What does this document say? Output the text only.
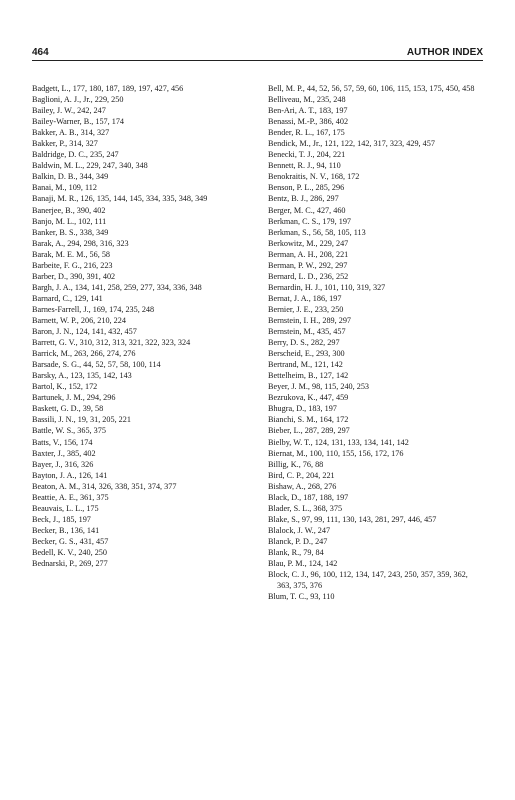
464	AUTHOR INDEX
Badgett, L., 177, 180, 187, 189, 197, 427, 456
Baglioni, A. J., Jr., 229, 250
Bailey, J. W., 242, 247
Bailey-Warner, B., 157, 174
Bakker, A. B., 314, 327
Bakker, P., 314, 327
Baldridge, D. C., 235, 247
Baldwin, M. L., 229, 247, 340, 348
Balkin, D. B., 344, 349
Banai, M., 109, 112
Banaji, M. R., 126, 135, 144, 145, 334, 335, 348, 349
Banerjee, B., 390, 402
Banjo, M. L., 102, 111
Banker, B. S., 338, 349
Barak, A., 294, 298, 316, 323
Barak, M. E. M., 56, 58
Barbeite, F. G., 216, 223
Barber, D., 390, 391, 402
Bargh, J. A., 134, 141, 258, 259, 277, 334, 336, 348
Barnard, C., 129, 141
Barnes-Farrell, J., 169, 174, 235, 248
Barnett, W. P., 206, 210, 224
Baron, J. N., 124, 141, 432, 457
Barrett, G. V., 310, 312, 313, 321, 322, 323, 324
Barrick, M., 263, 266, 274, 276
Barsade, S. G., 44, 52, 57, 58, 100, 114
Barsky, A., 123, 135, 142, 143
Bartol, K., 152, 172
Bartunek, J. M., 294, 296
Baskett, G. D., 39, 58
Bassili, J. N., 19, 31, 205, 221
Battle, W. S., 365, 375
Batts, V., 156, 174
Baxter, J., 385, 402
Bayer, J., 316, 326
Bayton, J. A., 126, 141
Beaton, A. M., 314, 326, 338, 351, 374, 377
Beattie, A. E., 361, 375
Beauvais, L. L., 175
Beck, J., 185, 197
Becker, B., 136, 141
Becker, G. S., 431, 457
Bedell, K. V., 240, 250
Bednarski, P., 269, 277
Bell, M. P., 44, 52, 56, 57, 59, 60, 106, 115, 153, 175, 450, 458
Belliveau, M., 235, 248
Ben-Ari, A. T., 183, 197
Benassi, M.-P., 386, 402
Bender, R. L., 167, 175
Bendick, M., Jr., 121, 122, 142, 317, 323, 429, 457
Benecki, T. J., 204, 221
Bennett, R. J., 94, 110
Benokraitis, N. V., 168, 172
Benson, P. L., 285, 296
Bentz, B. J., 286, 297
Berger, M. C., 427, 460
Berkman, C. S., 179, 197
Berkman, S., 56, 58, 105, 113
Berkowitz, M., 229, 247
Berman, A. H., 208, 221
Berman, P. W., 292, 297
Bernard, L. D., 236, 252
Bernardin, H. J., 101, 110, 319, 327
Bernat, J. A., 186, 197
Bernier, J. E., 233, 250
Bernstein, I. H., 289, 297
Bernstein, M., 435, 457
Berry, D. S., 282, 297
Berscheid, E., 293, 300
Bertrand, M., 121, 142
Bettelheim, B., 127, 142
Beyer, J. M., 98, 115, 240, 253
Bezrukova, K., 447, 459
Bhugra, D., 183, 197
Bianchi, S. M., 164, 172
Bieber, L., 287, 289, 297
Bielby, W. T., 124, 131, 133, 134, 141, 142
Biernat, M., 100, 110, 155, 156, 172, 176
Billig, K., 76, 88
Bird, C. P., 204, 221
Bishaw, A., 268, 276
Black, D., 187, 188, 197
Blader, S. L., 368, 375
Blake, S., 97, 99, 111, 130, 143, 281, 297, 446, 457
Blalock, J. W., 247
Blanck, P. D., 247
Blank, R., 79, 84
Blau, P. M., 124, 142
Block, C. J., 96, 100, 112, 134, 147, 243, 250, 357, 359, 362, 363, 375, 376
Blum, T. C., 93, 110
